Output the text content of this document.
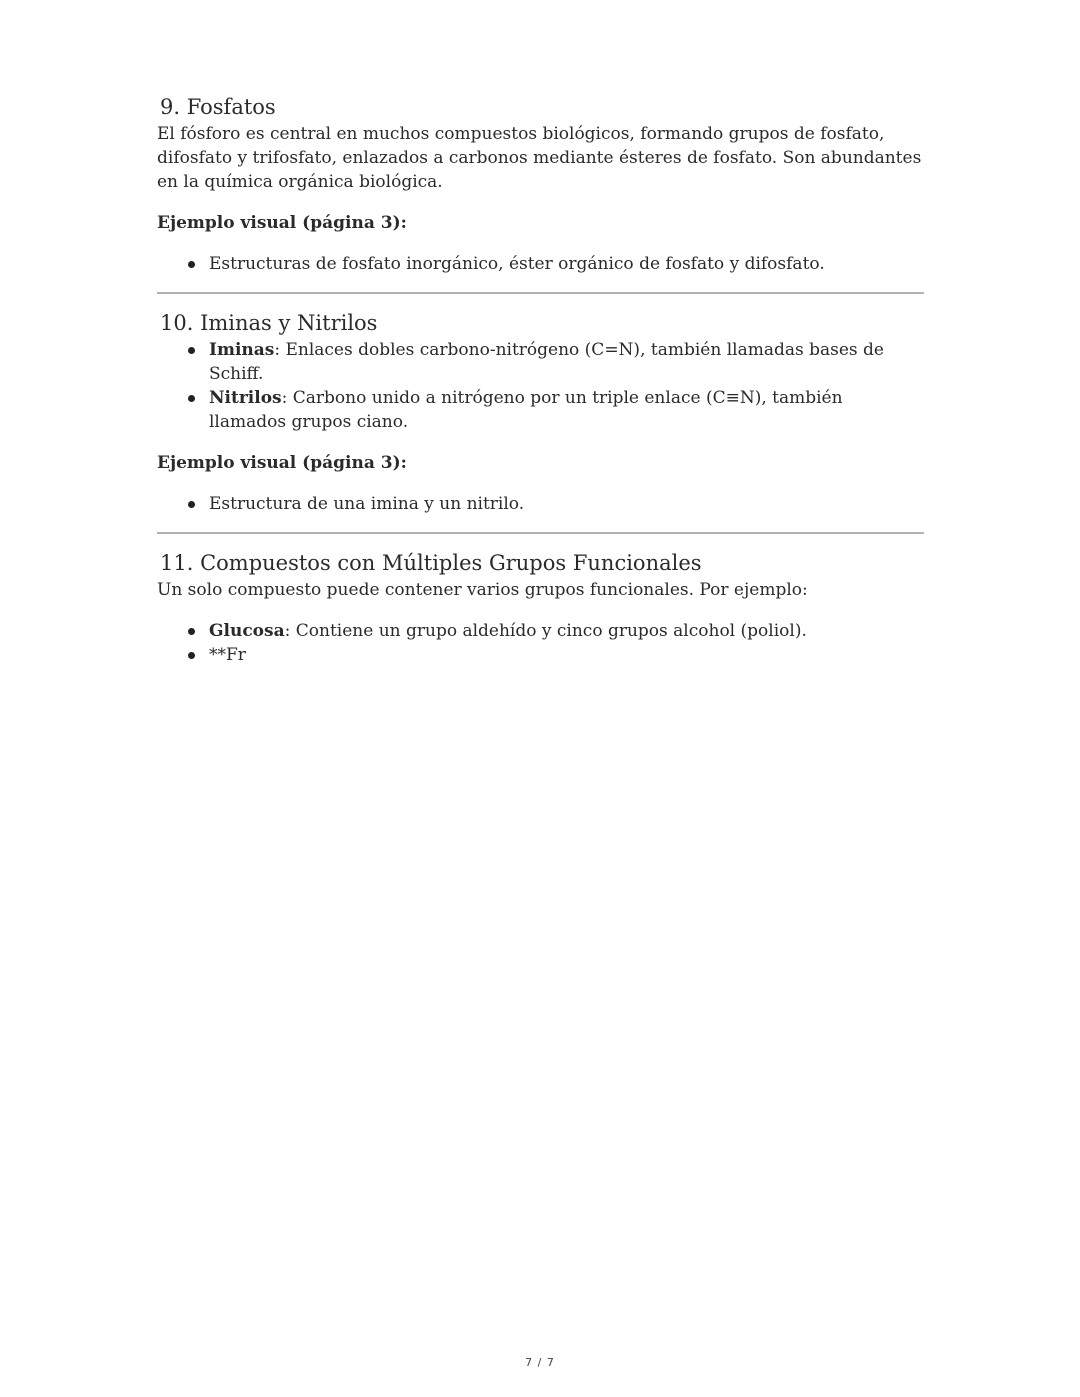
9. Fosfatos

El fósforo es central en muchos compuestos biológicos, formando grupos de fosfato, difosfato y trifosfato, enlazados a carbonos mediante ésteres de fosfato. Son abundantes en la química orgánica biológica.

Ejemplo visual (página 3):

Estructuras de fosfato inorgánico, éster orgánico de fosfato y difosfato.
10. Iminas y Nitrilos
Iminas: Enlaces dobles carbono-nitrógeno (C=N), también llamadas bases de Schiff.
Nitrilos: Carbono unido a nitrógeno por un triple enlace (C≡N), también llamados grupos ciano.

Ejemplo visual (página 3):

Estructura de una imina y un nitrilo.
11. Compuestos con Múltiples Grupos Funcionales

Un solo compuesto puede contener varios grupos funcionales. Por ejemplo:

Glucosa: Contiene un grupo aldehído y cinco grupos alcohol (poliol).
**Fr
7 / 7
